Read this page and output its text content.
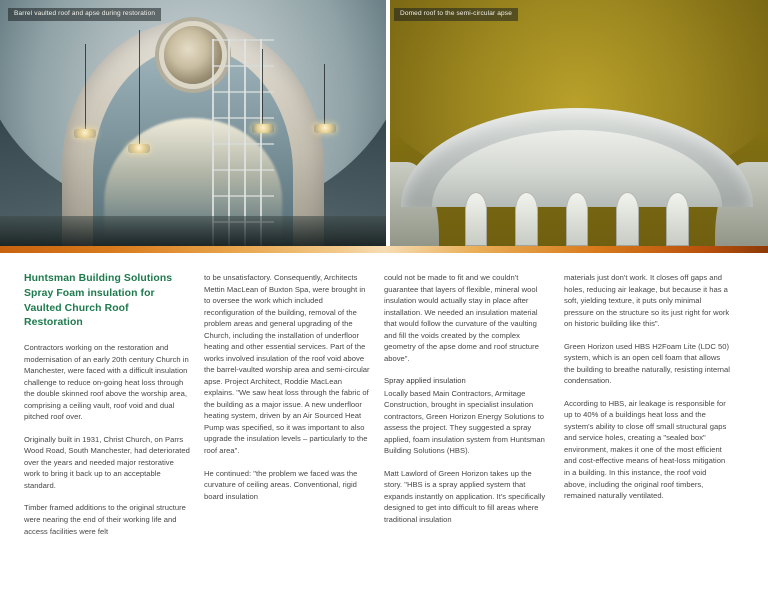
Barrel vaulted roof and apse during restoration	Domed roof to the semi-circular apse
Huntsman Building Solutions Spray Foam insulation for Vaulted Church Roof Restoration

Contractors working on the restoration and modernisation of an early 20th century Church in Manchester, were faced with a difficult insulation challenge to reduce on-going heat loss through the double skinned roof above the worship area, comprising a ceiling vault, roof void and dual pitched roof over.

Originally built in 1931, Christ Church, on Parrs Wood Road, South Manchester, had deteriorated over the years and needed major restorative work to bring it back up to an acceptable standard.

Timber framed additions to the original structure were nearing the end of their working life and access facilities were felt

to be unsatisfactory. Consequently, Architects Mettin MacLean of Buxton Spa, were brought in to oversee the work which included reconfiguration of the building, removal of the problem areas and general upgrading of the Church, including the installation of underfloor heating and other essential services. Part of the works involved insulation of the roof void above the barrel-vaulted worship area and semi-circular apse. Project Architect, Roddie MacLean explains. "We saw heat loss through the fabric of the building as a major issue. A new underfloor heating system, driven by an Air Sourced Heat Pump was specified, so it was important to also upgrade the insulation levels – particularly to the roof area".

He continued: "the problem we faced was the curvature of ceiling areas. Conventional, rigid board insulation

could not be made to fit and we couldn't guarantee that layers of flexible, mineral wool insulation would actually stay in place after installation. We needed an insulation material that would follow the curvature of the vaulting and fill the voids created by the complex geometry of the apse dome and roof structure above".

Spray applied insulation

Locally based Main Contractors, Armitage Construction, brought in specialist insulation contractors, Green Horizon Energy Solutions to assess the project. They suggested a spray applied, foam insulation system from Huntsman Building Solutions (HBS).

Matt Lawlord of Green Horizon takes up the story. "HBS is a spray applied system that expands instantly on application. It's specifically designed to get into difficult to fill areas where traditional insulation

materials just don't work. It closes off gaps and holes, reducing air leakage, but because it has a soft, yielding texture, it puts only minimal pressure on the structure so its just right for work on historic building like this".

Green Horizon used HBS H2Foam Lite (LDC 50) system, which is an open cell foam that allows the building to breathe naturally, resisting internal condensation.

According to HBS, air leakage is responsible for up to 40% of a buildings heat loss and the system's ability to close off small structural gaps and service holes, creating a "sealed box" environment, makes it one of the most efficient and cost-effective means of heat-loss mitigation in a building. In this instance, the roof void above, including the original roof timbers, remained naturally ventilated.
